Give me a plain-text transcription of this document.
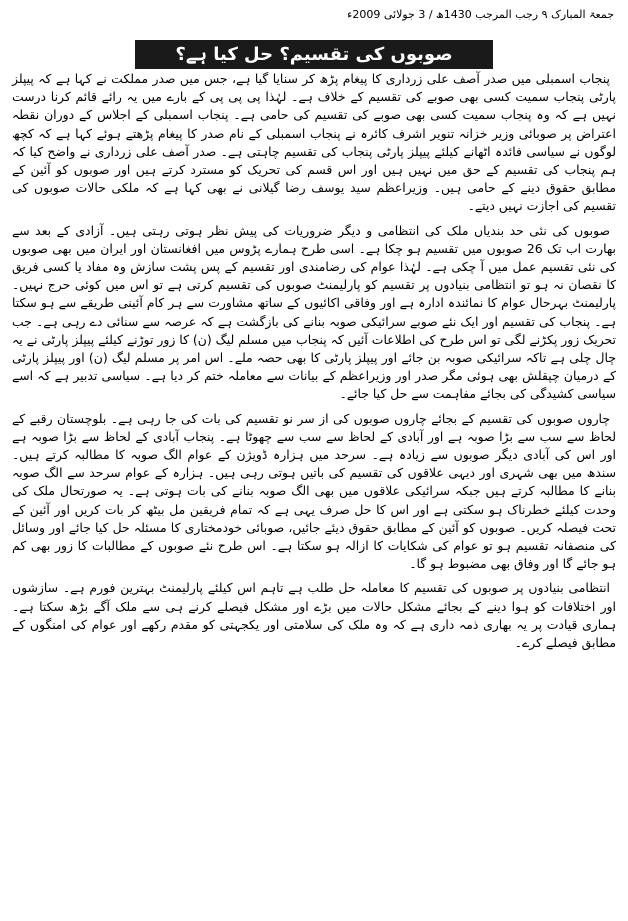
جمعۃ المبارک ۹ رجب المرجب 1430ھ / 3 جولائی 2009ء
صوبوں کی تقسیم؟ حل کیا ہے؟

پنجاب اسمبلی میں صدر آصف علی زرداری کا پیغام پڑھ کر سنایا گیا ہے، جس میں صدر مملکت نے کہا ہے کہ پیپلز پارٹی پنجاب سمیت کسی بھی صوبے کی تقسیم کے خلاف ہے۔ لہٰذا پی پی پی کے بارے میں یہ رائے قائم کرنا درست نہیں ہے کہ وہ پنجاب سمیت کسی بھی صوبے کی تقسیم کی حامی ہے۔ پنجاب اسمبلی کے اجلاس کے دوران نقطہ اعتراض پر صوبائی وزیر خزانہ تنویر اشرف کائرہ نے پنجاب اسمبلی کے نام صدر کا پیغام پڑھتے ہوئے کہا ہے کہ کچھ لوگوں نے سیاسی فائدہ اٹھانے کیلئے پیپلز پارٹی پنجاب کی تقسیم چاہتی ہے۔ صدر آصف علی زرداری نے واضح کیا کہ ہم پنجاب کی تقسیم کے حق میں نہیں ہیں اور اس قسم کی تحریک کو مسترد کرتے ہیں اور صوبوں کو آئین کے مطابق حقوق دینے کے حامی ہیں۔ وزیراعظم سید یوسف رضا گیلانی نے بھی کہا ہے کہ ملکی حالات صوبوں کی تقسیم کی اجازت نہیں دیتے۔

صوبوں کی نئی حد بندیاں ملک کی انتظامی و دیگر ضروریات کی پیش نظر ہوتی رہتی ہیں۔ آزادی کے بعد سے بھارت اب تک 26 صوبوں میں تقسیم ہو چکا ہے۔ اسی طرح ہمارے پڑوس میں افغانستان اور ایران میں بھی صوبوں کی نئی تقسیم عمل میں آ چکی ہے۔ لہٰذا عوام کی رضامندی اور تقسیم کے پس پشت سازش وہ مفاد یا کسی فریق کا نقصان نہ ہو تو انتظامی بنیادوں پر تقسیم کو پارلیمنٹ صوبوں کی تقسیم کرتی ہے تو اس میں کوئی حرج نہیں۔ پارلیمنٹ بہرحال عوام کا نمائندہ ادارہ ہے اور وفاقی اکائیوں کے ساتھ مشاورت سے ہر کام آئینی طریقے سے ہو سکتا ہے۔ پنجاب کی تقسیم اور ایک نئے صوبے سرائیکی صوبہ بنانے کی بازگشت ہے کہ عرصہ سے سنائی دے رہی ہے۔ جب تحریک زور پکڑنے لگی تو اس طرح کی اطلاعات آئیں کہ پنجاب میں مسلم لیگ (ن) کا زور توڑنے کیلئے پیپلز پارٹی نے یہ چال چلی ہے تاکہ سرائیکی صوبہ بن جائے اور پیپلز پارٹی کا بھی حصہ ملے۔ اس امر پر مسلم لیگ (ن) اور پیپلز پارٹی کے درمیان چپقلش بھی ہوئی مگر صدر اور وزیراعظم کے بیانات سے معاملہ ختم کر دیا ہے۔ سیاسی تدبیر ہے کہ اسے سیاسی کشیدگی کی بجائے مفاہمت سے حل کیا جائے۔

چاروں صوبوں کی تقسیم کے بجائے چاروں صوبوں کی از سر نو تقسیم کی بات کی جا رہی ہے۔ بلوچستان رقبے کے لحاظ سے سب سے بڑا صوبہ ہے اور آبادی کے لحاظ سے سب سے چھوٹا ہے۔ پنجاب آبادی کے لحاظ سے بڑا صوبہ ہے اور اس کی آبادی دیگر صوبوں سے زیادہ ہے۔ سرحد میں ہزارہ ڈویژن کے عوام الگ صوبہ کا مطالبہ کرتے ہیں۔ سندھ میں بھی شہری اور دیہی علاقوں کی تقسیم کی باتیں ہوتی رہی ہیں۔ ہزارہ کے عوام سرحد سے الگ صوبہ بنانے کا مطالبہ کرتے ہیں جبکہ سرائیکی علاقوں میں بھی الگ صوبہ بنانے کی بات ہوتی ہے۔ یہ صورتحال ملک کی وحدت کیلئے خطرناک ہو سکتی ہے اور اس کا حل صرف یہی ہے کہ تمام فریقین مل بیٹھ کر بات کریں اور آئین کے تحت فیصلہ کریں۔ صوبوں کو آئین کے مطابق حقوق دیئے جائیں، صوبائی خودمختاری کا مسئلہ حل کیا جائے اور وسائل کی منصفانہ تقسیم ہو تو عوام کی شکایات کا ازالہ ہو سکتا ہے۔ اس طرح نئے صوبوں کے مطالبات کا زور بھی کم ہو جائے گا اور وفاق بھی مضبوط ہو گا۔

انتظامی بنیادوں پر صوبوں کی تقسیم کا معاملہ حل طلب ہے تاہم اس کیلئے پارلیمنٹ بہترین فورم ہے۔ سازشوں اور اختلافات کو ہوا دینے کے بجائے مشکل حالات میں بڑے اور مشکل فیصلے کرنے ہی سے ملک آگے بڑھ سکتا ہے۔ ہماری قیادت پر یہ بھاری ذمہ داری ہے کہ وہ ملک کی سلامتی اور یکجہتی کو مقدم رکھے اور عوام کی امنگوں کے مطابق فیصلے کرے۔
